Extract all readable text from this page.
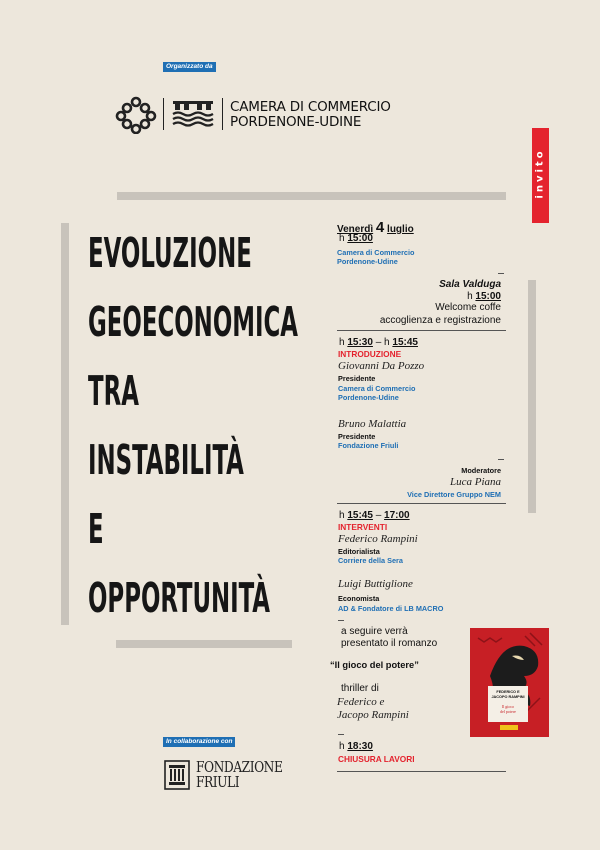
Organizzato da
CAMERA DI COMMERCIO
PORDENONE-UDINE
invito
EVOLUZIONE
GEOECONOMICA
TRA
INSTABILITÀ
E
OPPORTUNITÀ
Venerdì 4 luglio
h 15:00
Camera di Commercio
Pordenone-Udine
Sala Valduga
h 15:00
Welcome coffe
accoglienza e registrazione
h 15:30 – h 15:45
INTRODUZIONE
Giovanni Da Pozzo
Presidente
Camera di Commercio
Pordenone-Udine
Bruno Malattia
Presidente
Fondazione Friuli
Moderatore
Luca Piana
Vice Direttore Gruppo NEM
h 15:45 – 17:00
INTERVENTI
Federico Rampini
Editorialista
Corriere della Sera
Luigi Buttiglione
Economista
AD & Fondatore di LB MACRO
a seguire verrà
presentato il romanzo
“Il gioco del potere”
thriller di
Federico e
Jacopo Rampini
FEDERICO E
JACOPO RAMPINI
Il gioco
del potere
h 18:30
CHIUSURA LAVORI
In collaborazione con
FONDAZIONE
FRIULI
